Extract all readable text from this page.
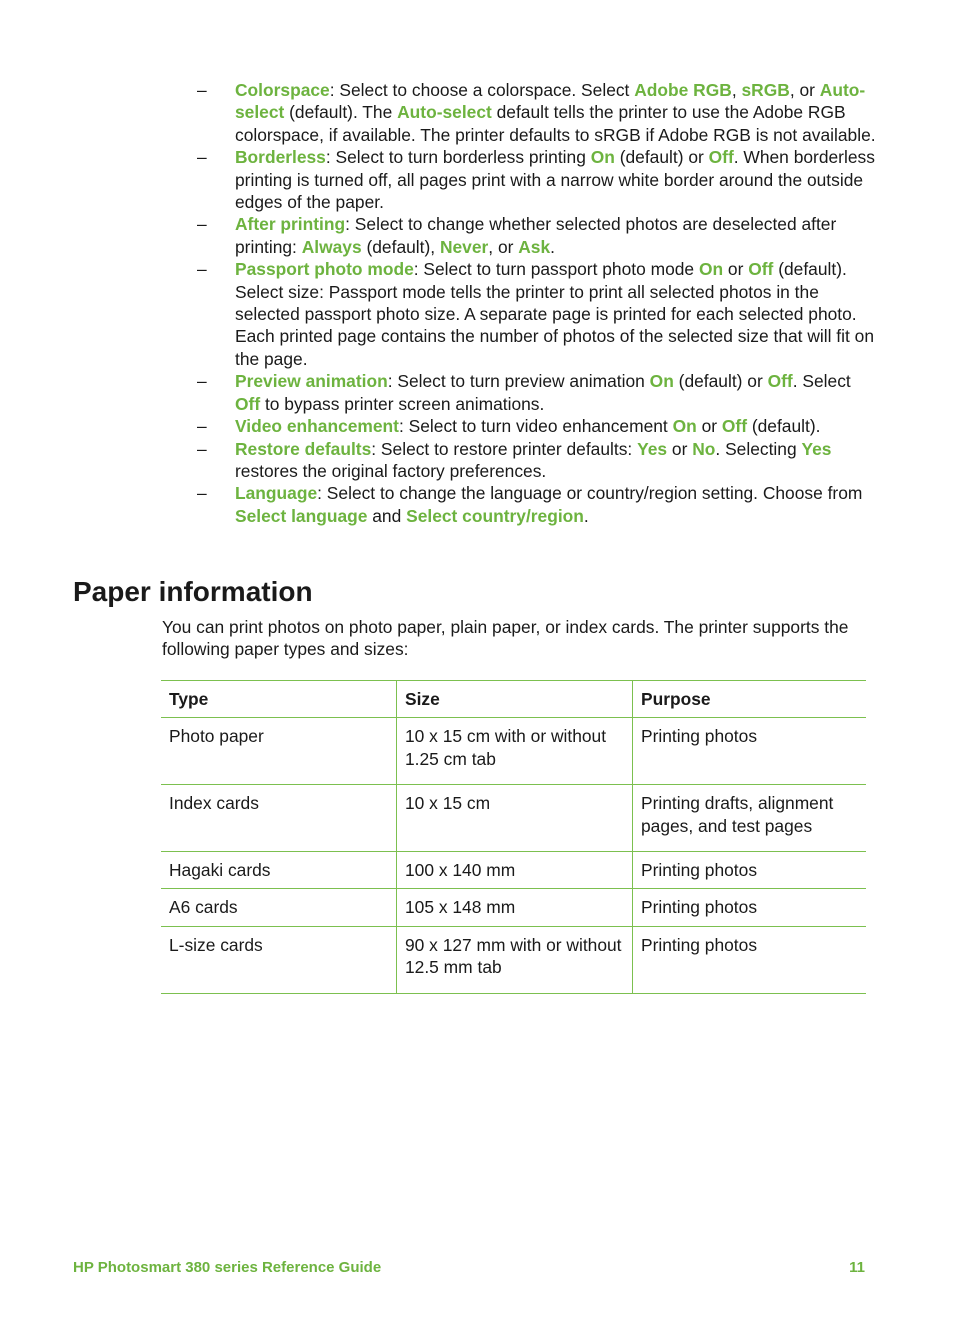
– Colorspace: Select to choose a colorspace. Select Adobe RGB, sRGB, or Auto-select (default). The Auto-select default tells the printer to use the Adobe RGB colorspace, if available. The printer defaults to sRGB if Adobe RGB is not available.
– Borderless: Select to turn borderless printing On (default) or Off. When borderless printing is turned off, all pages print with a narrow white border around the outside edges of the paper.
– After printing: Select to change whether selected photos are deselected after printing: Always (default), Never, or Ask.
– Passport photo mode: Select to turn passport photo mode On or Off (default). Select size: Passport mode tells the printer to print all selected photos in the selected passport photo size. A separate page is printed for each selected photo. Each printed page contains the number of photos of the selected size that will fit on the page.
– Preview animation: Select to turn preview animation On (default) or Off. Select Off to bypass printer screen animations.
– Video enhancement: Select to turn video enhancement On or Off (default).
– Restore defaults: Select to restore printer defaults: Yes or No. Selecting Yes restores the original factory preferences.
– Language: Select to change the language or country/region setting. Choose from Select language and Select country/region.
Paper information

You can print photos on photo paper, plain paper, or index cards. The printer supports the following paper types and sizes:

Type	Size	Purpose
Photo paper	10 x 15 cm with or without 1.25 cm tab	Printing photos
Index cards	10 x 15 cm	Printing drafts, alignment pages, and test pages
Hagaki cards	100 x 140 mm	Printing photos
A6 cards	105 x 148 mm	Printing photos
L-size cards	90 x 127 mm with or without 12.5 mm tab	Printing photos
HP Photosmart 380 series Reference Guide	11
